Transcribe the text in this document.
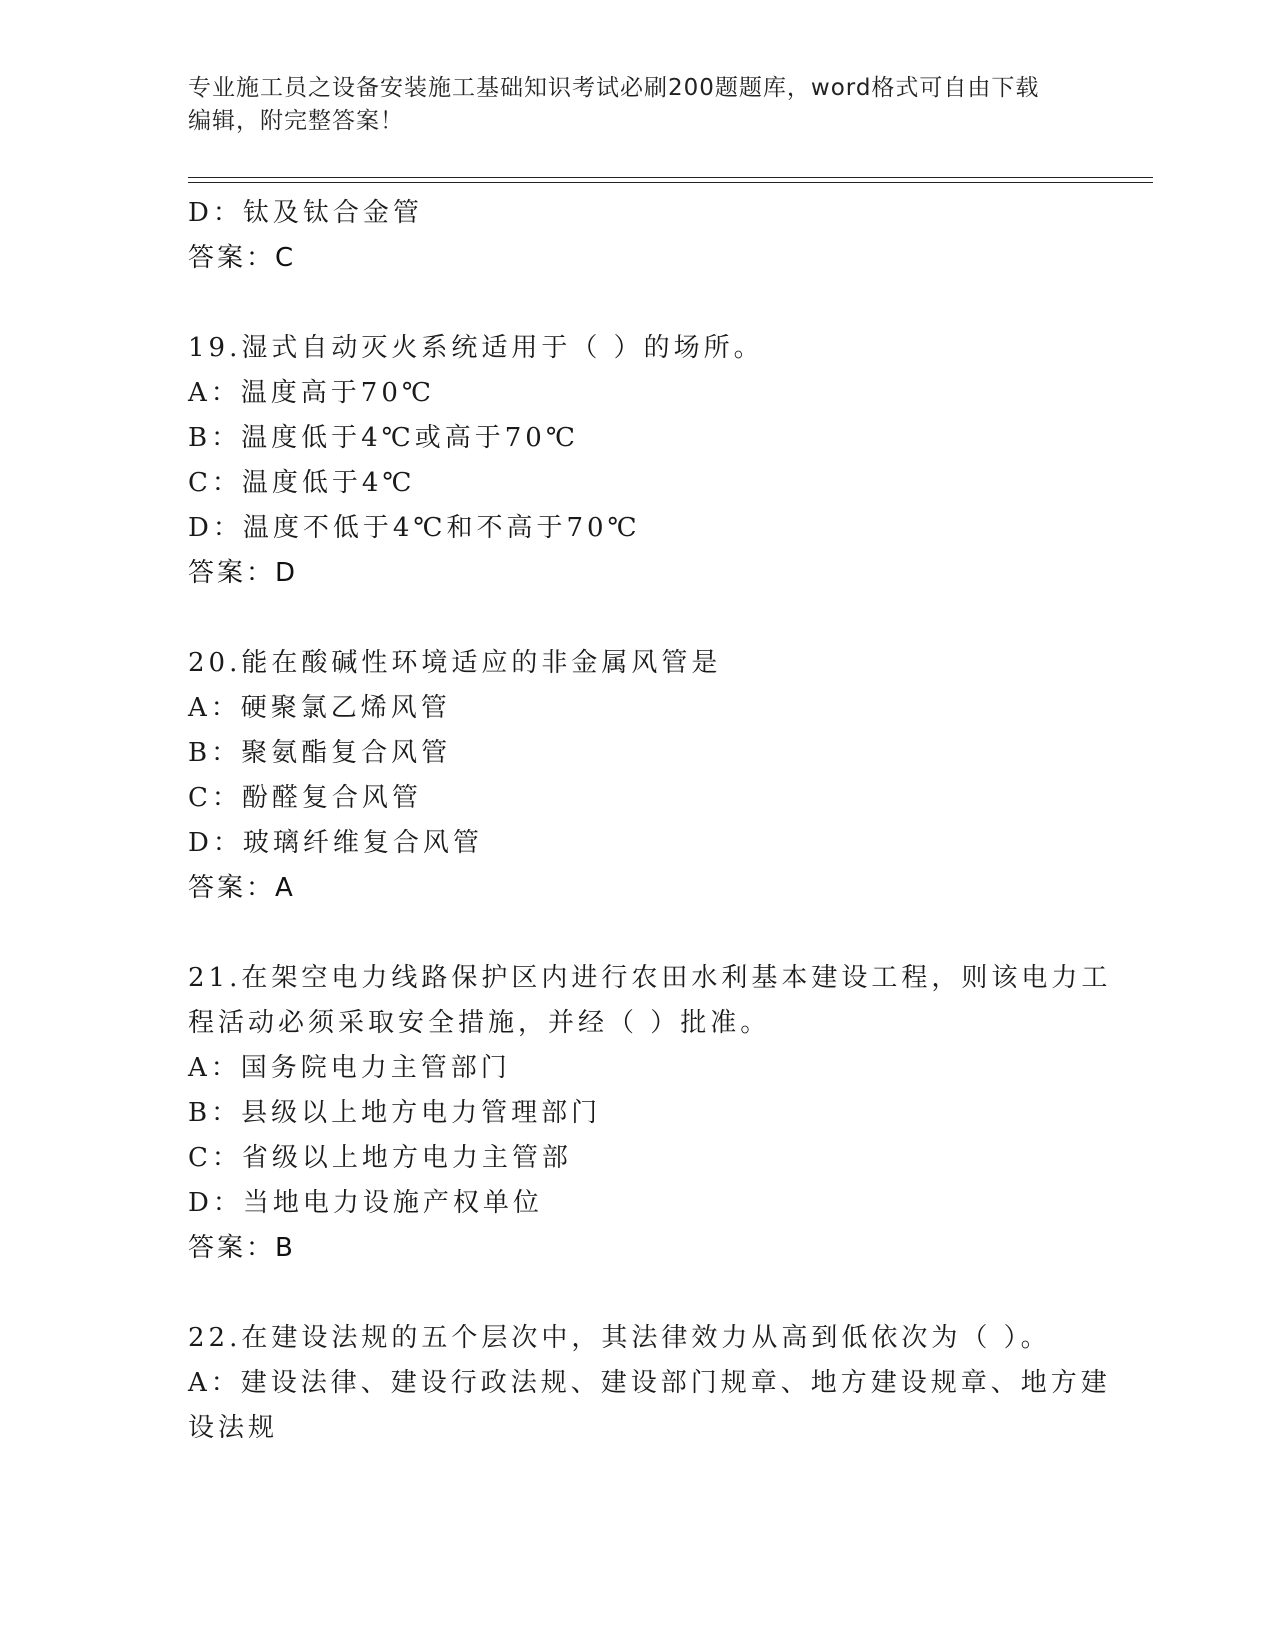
专业施工员之设备安装施工基础知识考试必刷200题题库，word格式可自由下载
编辑，附完整答案！
D：钛及钛合金管
答案：C
19.湿式自动灭火系统适用于（ ）的场所。
A：温度高于70℃
B：温度低于4℃或高于70℃
C：温度低于4℃
D：温度不低于4℃和不高于70℃
答案：D
20.能在酸碱性环境适应的非金属风管是
A：硬聚氯乙烯风管
B：聚氨酯复合风管
C：酚醛复合风管
D：玻璃纤维复合风管
答案：A
21.在架空电力线路保护区内进行农田水利基本建设工程，则该电力工
程活动必须采取安全措施，并经（ ）批准。
A：国务院电力主管部门
B：县级以上地方电力管理部门
C：省级以上地方电力主管部
D：当地电力设施产权单位
答案：B
22.在建设法规的五个层次中，其法律效力从高到低依次为（ ）。
A：建设法律、建设行政法规、建设部门规章、地方建设规章、地方建
设法规
